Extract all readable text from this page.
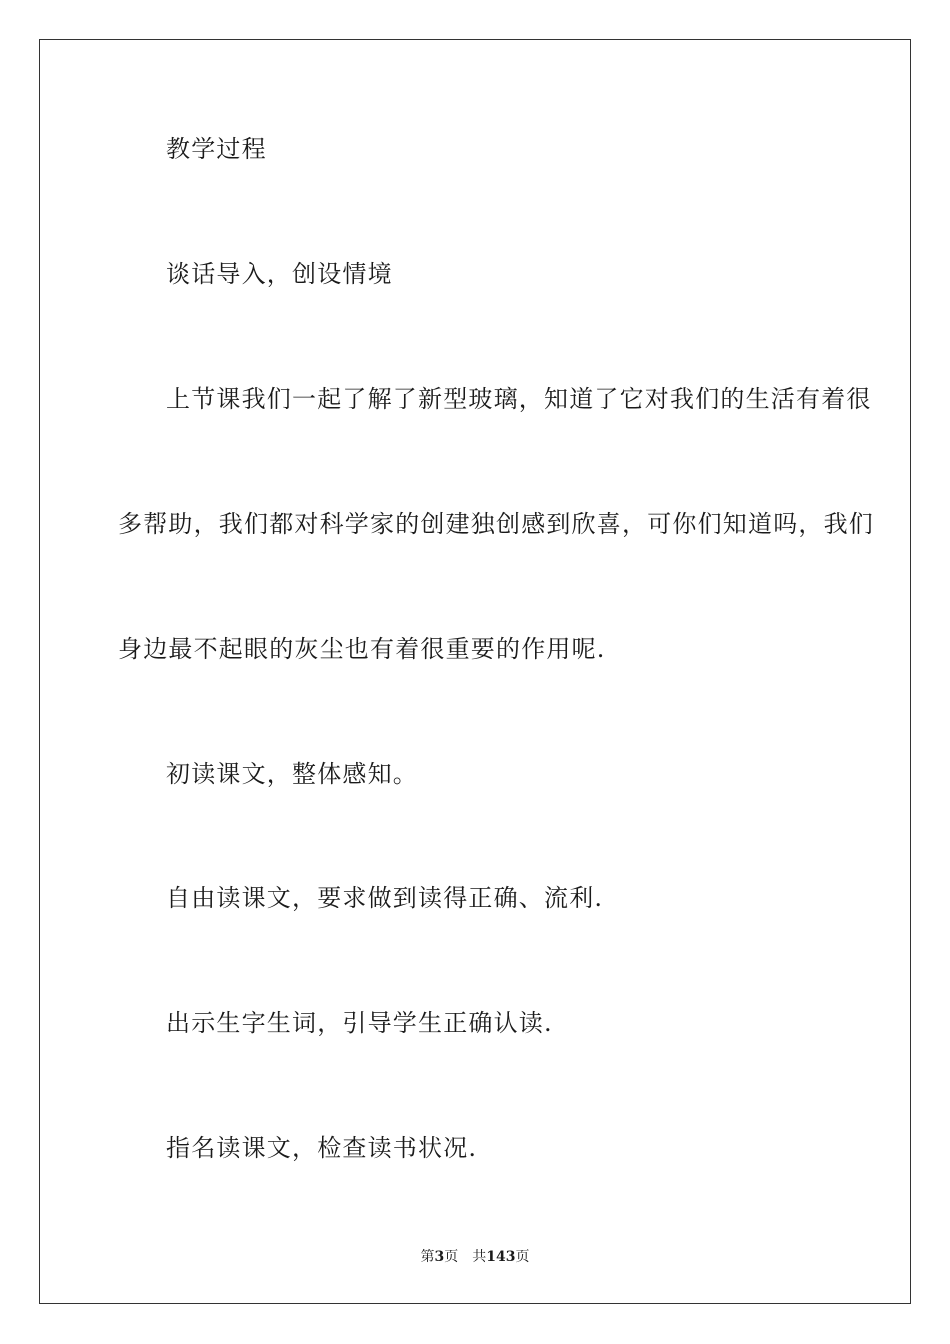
教学过程

谈话导入，创设情境

上节课我们一起了解了新型玻璃，知道了它对我们的生活有着很

多帮助，我们都对科学家的创建独创感到欣喜，可你们知道吗，我们

身边最不起眼的灰尘也有着很重要的作用呢.

初读课文，整体感知。

自由读课文，要求做到读得正确、流利.

出示生字生词，引导学生正确认读.

指名读课文，检查读书状况.

第3页 共143页
